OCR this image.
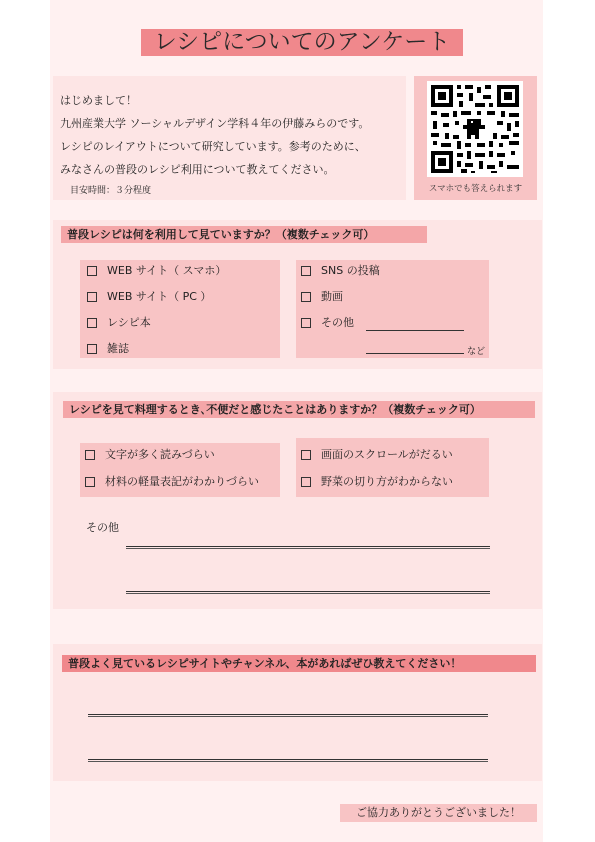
レシピについてのアンケート
はじめまして！
九州産業大学 ソーシャルデザイン学科４年の伊藤みらのです。
レシピのレイアウトについて研究しています。参考のために、
みなさんの普段のレシピ利用について教えてください。
目安時間：３分程度	スマホでも答えられます
普段レシピは何を利用して見ていますか？（複数チェック可）
WEB サイト（ スマホ）
WEB サイト（ PC ）
レシピ本
雑誌
SNS の投稿
動画
その他
など
レシピを見て料理するとき､不便だと感じたことはありますか？（複数チェック可）
文字が多く読みづらい
材料の軽量表記がわかりづらい
画面のスクロールがだるい
野菜の切り方がわからない
その他
普段よく見ているレシピサイトやチャンネル、本があればぜひ教えてください！
ご協力ありがとうございました！
